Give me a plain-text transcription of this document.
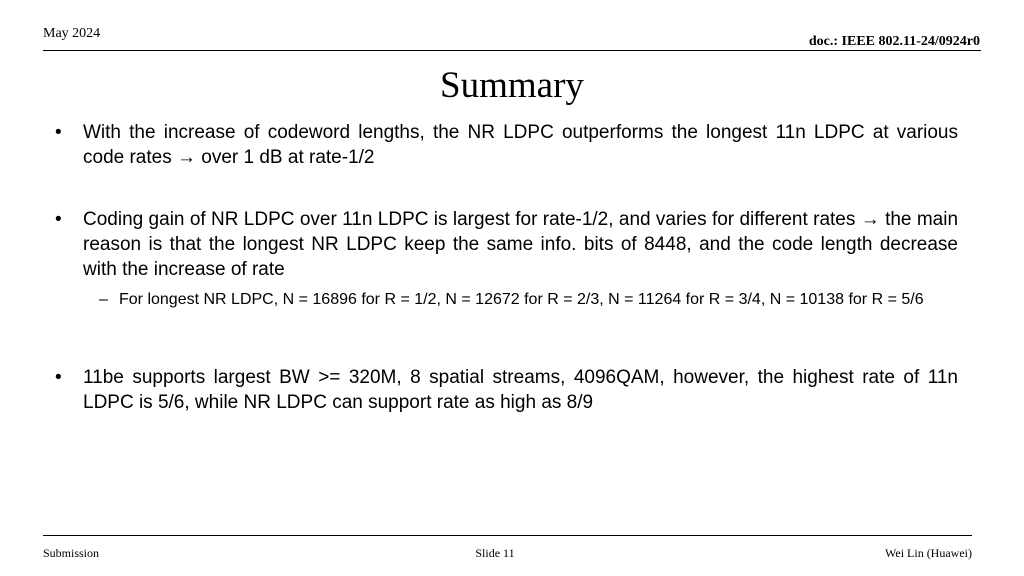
May 2024
doc.: IEEE 802.11-24/0924r0
Summary
• With the increase of codeword lengths, the NR LDPC outperforms the longest 11n LDPC at various code rates → over 1 dB at rate-1/2
• Coding gain of NR LDPC over 11n LDPC is largest for rate-1/2, and varies for different rates → the main reason is that the longest NR LDPC keep the same info. bits of 8448, and the code length decrease with the increase of rate
– For longest NR LDPC, N = 16896 for R = 1/2, N = 12672 for R = 2/3, N = 11264 for R = 3/4, N = 10138 for R = 5/6
• 11be supports largest BW >= 320M, 8 spatial streams, 4096QAM, however, the highest rate of 11n LDPC is 5/6, while NR LDPC can support rate as high as 8/9
Submission	Slide 11	Wei Lin (Huawei)
